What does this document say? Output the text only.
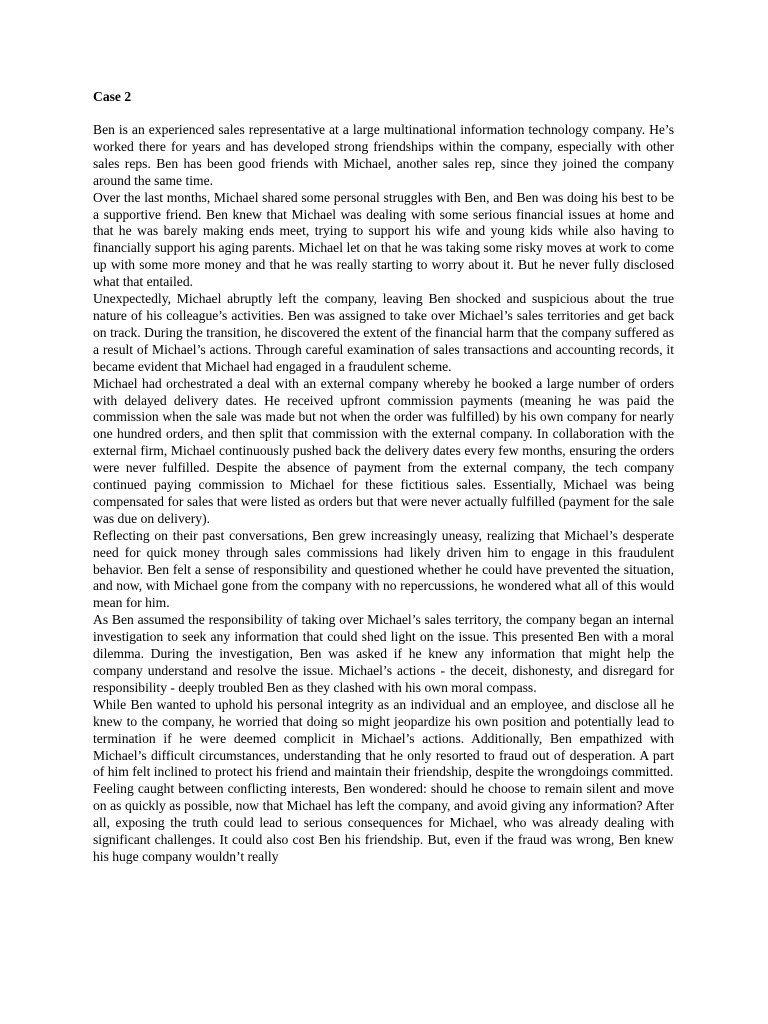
Case 2

Ben is an experienced sales representative at a large multinational information technology company. He’s worked there for years and has developed strong friendships within the company, especially with other sales reps. Ben has been good friends with Michael, another sales rep, since they joined the company around the same time.

Over the last months, Michael shared some personal struggles with Ben, and Ben was doing his best to be a supportive friend. Ben knew that Michael was dealing with some serious financial issues at home and that he was barely making ends meet, trying to support his wife and young kids while also having to financially support his aging parents. Michael let on that he was taking some risky moves at work to come up with some more money and that he was really starting to worry about it. But he never fully disclosed what that entailed.

Unexpectedly, Michael abruptly left the company, leaving Ben shocked and suspicious about the true nature of his colleague’s activities. Ben was assigned to take over Michael’s sales territories and get back on track. During the transition, he discovered the extent of the financial harm that the company suffered as a result of Michael’s actions. Through careful examination of sales transactions and accounting records, it became evident that Michael had engaged in a fraudulent scheme.

Michael had orchestrated a deal with an external company whereby he booked a large number of orders with delayed delivery dates. He received upfront commission payments (meaning he was paid the commission when the sale was made but not when the order was fulfilled) by his own company for nearly one hundred orders, and then split that commission with the external company. In collaboration with the external firm, Michael continuously pushed back the delivery dates every few months, ensuring the orders were never fulfilled. Despite the absence of payment from the external company, the tech company continued paying commission to Michael for these fictitious sales. Essentially, Michael was being compensated for sales that were listed as orders but that were never actually fulfilled (payment for the sale was due on delivery).

Reflecting on their past conversations, Ben grew increasingly uneasy, realizing that Michael’s desperate need for quick money through sales commissions had likely driven him to engage in this fraudulent behavior. Ben felt a sense of responsibility and questioned whether he could have prevented the situation, and now, with Michael gone from the company with no repercussions, he wondered what all of this would mean for him.

As Ben assumed the responsibility of taking over Michael’s sales territory, the company began an internal investigation to seek any information that could shed light on the issue. This presented Ben with a moral dilemma. During the investigation, Ben was asked if he knew any information that might help the company understand and resolve the issue. Michael’s actions - the deceit, dishonesty, and disregard for responsibility - deeply troubled Ben as they clashed with his own moral compass.

While Ben wanted to uphold his personal integrity as an individual and an employee, and disclose all he knew to the company, he worried that doing so might jeopardize his own position and potentially lead to termination if he were deemed complicit in Michael’s actions. Additionally, Ben empathized with Michael’s difficult circumstances, understanding that he only resorted to fraud out of desperation. A part of him felt inclined to protect his friend and maintain their friendship, despite the wrongdoings committed.

Feeling caught between conflicting interests, Ben wondered: should he choose to remain silent and move on as quickly as possible, now that Michael has left the company, and avoid giving any information? After all, exposing the truth could lead to serious consequences for Michael, who was already dealing with significant challenges. It could also cost Ben his friendship. But, even if the fraud was wrong, Ben knew his huge company wouldn’t really
